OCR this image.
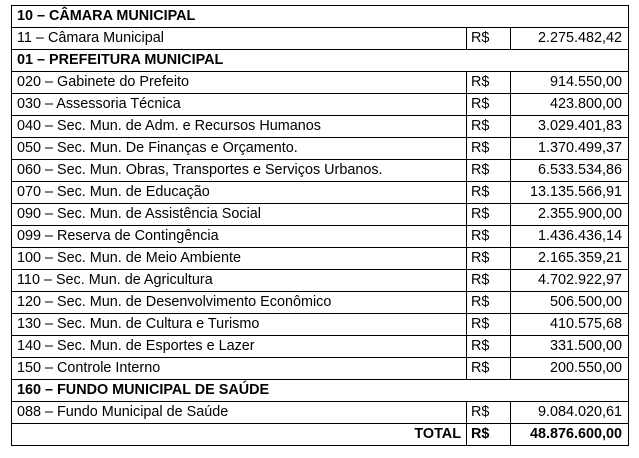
10 – CÂMARA MUNICIPAL		
11 – Câmara Municipal	R$	2.275.482,42
01 – PREFEITURA MUNICIPAL		
020 – Gabinete do Prefeito	R$	914.550,00
030 – Assessoria Técnica	R$	423.800,00
040 – Sec. Mun. de Adm. e Recursos Humanos	R$	3.029.401,83
050 – Sec. Mun. De Finanças e Orçamento.	R$	1.370.499,37
060 – Sec. Mun. Obras, Transportes e Serviços Urbanos.	R$	6.533.534,86
070 – Sec. Mun. de Educação	R$	13.135.566,91
090 – Sec. Mun. de Assistência Social	R$	2.355.900,00
099 – Reserva de Contingência	R$	1.436.436,14
100 – Sec. Mun. de Meio Ambiente	R$	2.165.359,21
110 – Sec. Mun. de Agricultura	R$	4.702.922,97
120 – Sec. Mun. de Desenvolvimento Econômico	R$	506.500,00
130 – Sec. Mun. de Cultura e Turismo	R$	410.575,68
140 – Sec. Mun. de Esportes e Lazer	R$	331.500,00
150 – Controle Interno	R$	200.550,00
160 – FUNDO MUNICIPAL DE SAÚDE		
088 – Fundo Municipal de Saúde	R$	9.084.020,61
TOTAL	R$	48.876.600,00
